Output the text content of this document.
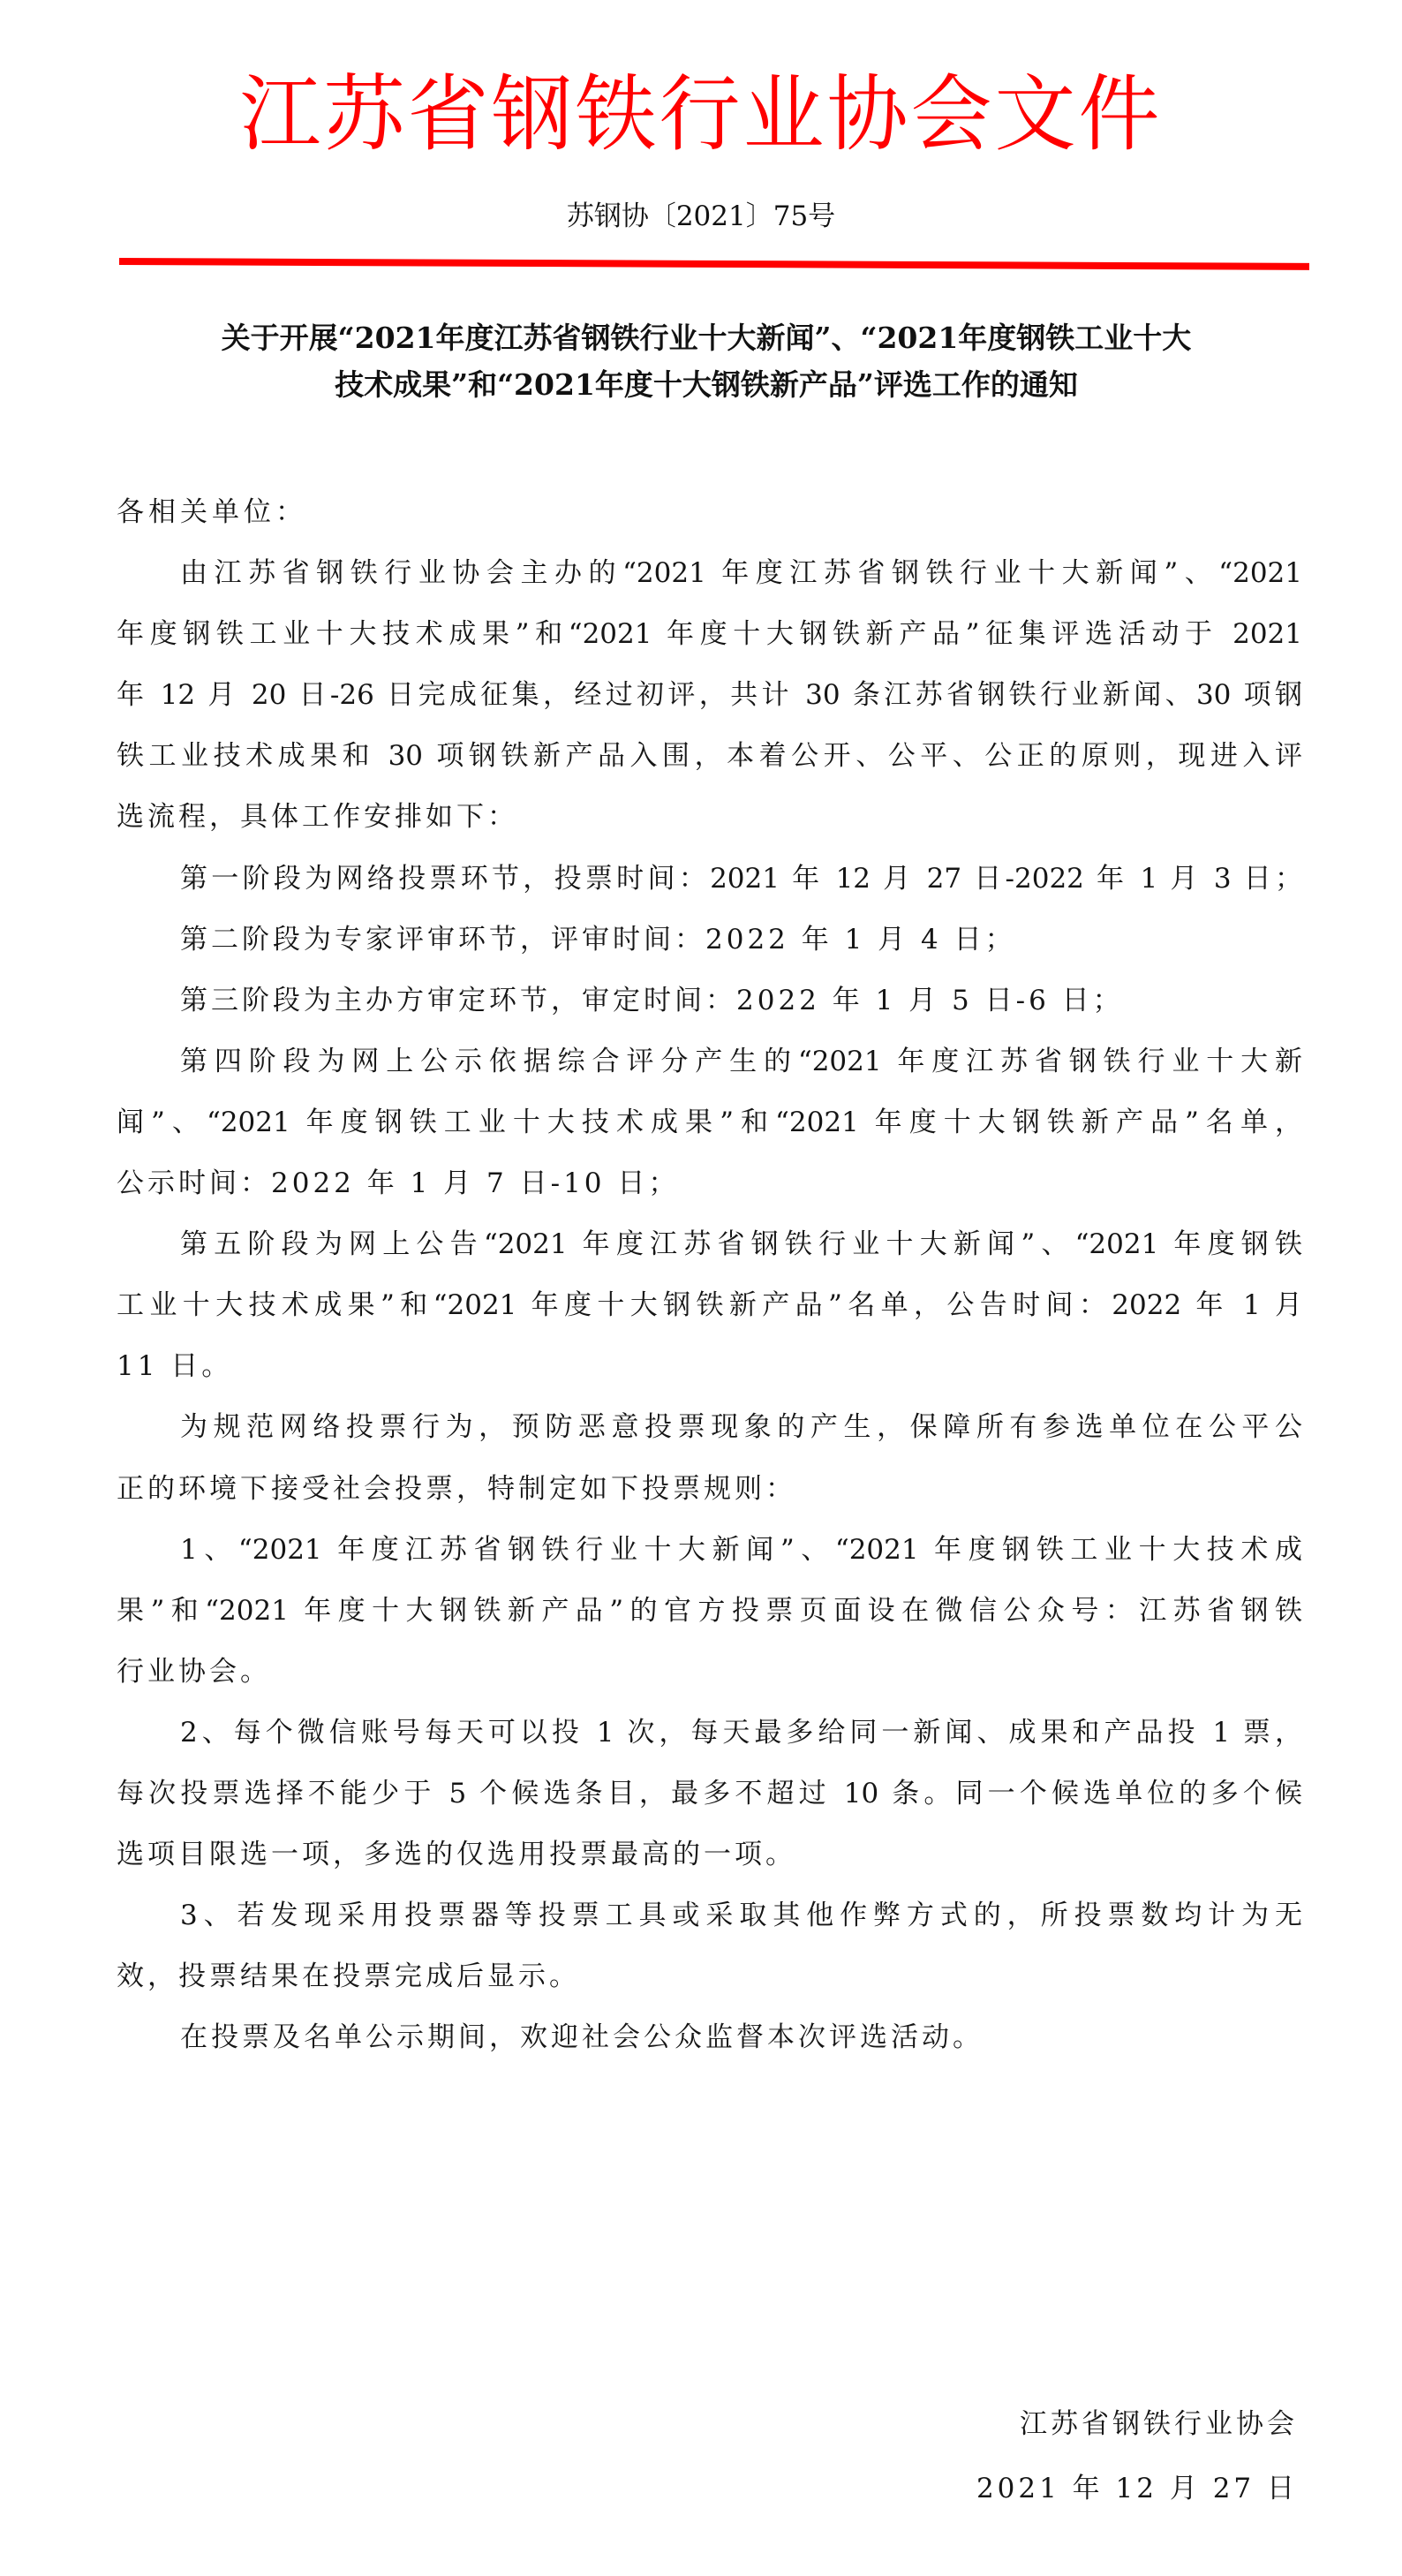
江苏省钢铁行业协会文件
苏钢协〔2021〕75号
关于开展“2021年度江苏省钢铁行业十大新闻”、“2021年度钢铁工业十大
技术成果”和“2021年度十大钢铁新产品”评选工作的通知
各相关单位：
由江苏省钢铁行业协会主办的“2021 年度江苏省钢铁行业十大新闻”、“2021
年度钢铁工业十大技术成果”和“2021 年度十大钢铁新产品”征集评选活动于 2021
年 12 月 20 日-26 日完成征集，经过初评，共计 30 条江苏省钢铁行业新闻、30 项钢
铁工业技术成果和 30 项钢铁新产品入围，本着公开、公平、公正的原则，现进入评
选流程，具体工作安排如下：
第一阶段为网络投票环节，投票时间：2021 年 12 月 27 日-2022 年 1 月 3 日；
第二阶段为专家评审环节，评审时间：2022 年 1 月 4 日；
第三阶段为主办方审定环节，审定时间：2022 年 1 月 5 日-6 日；
第四阶段为网上公示依据综合评分产生的“2021 年度江苏省钢铁行业十大新
闻”、“2021 年度钢铁工业十大技术成果”和“2021 年度十大钢铁新产品”名单，
公示时间：2022 年 1 月 7 日-10 日；
第五阶段为网上公告“2021 年度江苏省钢铁行业十大新闻”、“2021 年度钢铁
工业十大技术成果”和“2021 年度十大钢铁新产品”名单，公告时间：2022 年 1 月
11 日。
为规范网络投票行为，预防恶意投票现象的产生，保障所有参选单位在公平公
正的环境下接受社会投票，特制定如下投票规则：
1、“2021 年度江苏省钢铁行业十大新闻”、“2021 年度钢铁工业十大技术成
果”和“2021 年度十大钢铁新产品”的官方投票页面设在微信公众号：江苏省钢铁
行业协会。
2、每个微信账号每天可以投 1 次，每天最多给同一新闻、成果和产品投 1 票，
每次投票选择不能少于 5 个候选条目，最多不超过 10 条。同一个候选单位的多个候
选项目限选一项，多选的仅选用投票最高的一项。
3、若发现采用投票器等投票工具或采取其他作弊方式的，所投票数均计为无
效，投票结果在投票完成后显示。
在投票及名单公示期间，欢迎社会公众监督本次评选活动。
江苏省钢铁行业协会
2021 年 12 月 27 日
